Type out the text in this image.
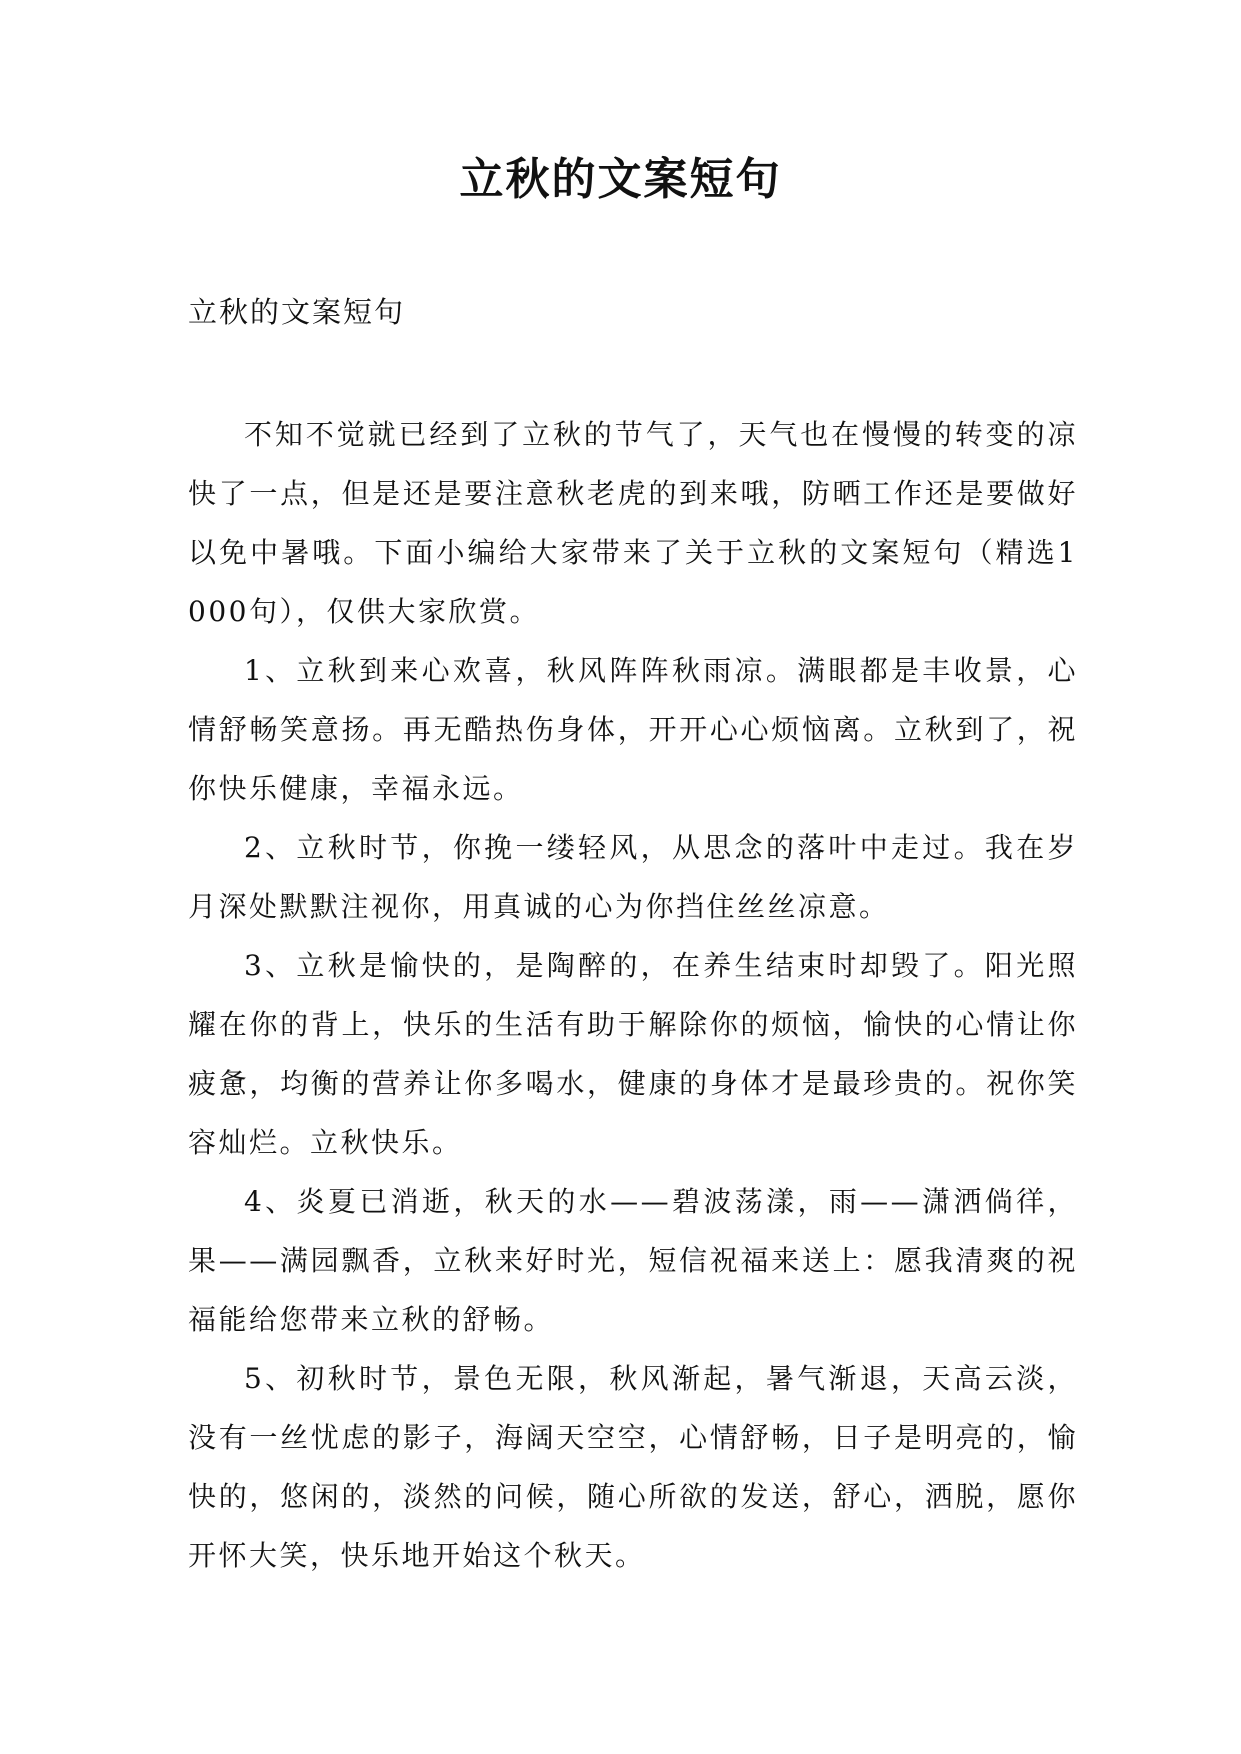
立秋的文案短句
立秋的文案短句

不知不觉就已经到了立秋的节气了，天气也在慢慢的转变的凉快了一点，但是还是要注意秋老虎的到来哦，防晒工作还是要做好以免中暑哦。下面小编给大家带来了关于立秋的文案短句（精选1000句），仅供大家欣赏。

1、立秋到来心欢喜，秋风阵阵秋雨凉。满眼都是丰收景，心情舒畅笑意扬。再无酷热伤身体，开开心心烦恼离。立秋到了，祝你快乐健康，幸福永远。

2、立秋时节，你挽一缕轻风，从思念的落叶中走过。我在岁月深处默默注视你，用真诚的心为你挡住丝丝凉意。

3、立秋是愉快的，是陶醉的，在养生结束时却毁了。阳光照耀在你的背上，快乐的生活有助于解除你的烦恼，愉快的心情让你疲惫，均衡的营养让你多喝水，健康的身体才是最珍贵的。祝你笑容灿烂。立秋快乐。

4、炎夏已消逝，秋天的水——碧波荡漾，雨——潇洒倘徉，果——满园飘香，立秋来好时光，短信祝福来送上：愿我清爽的祝福能给您带来立秋的舒畅。

5、初秋时节，景色无限，秋风渐起，暑气渐退，天高云淡，没有一丝忧虑的影子，海阔天空空，心情舒畅，日子是明亮的，愉快的，悠闲的，淡然的问候，随心所欲的发送，舒心，洒脱，愿你开怀大笑，快乐地开始这个秋天。
